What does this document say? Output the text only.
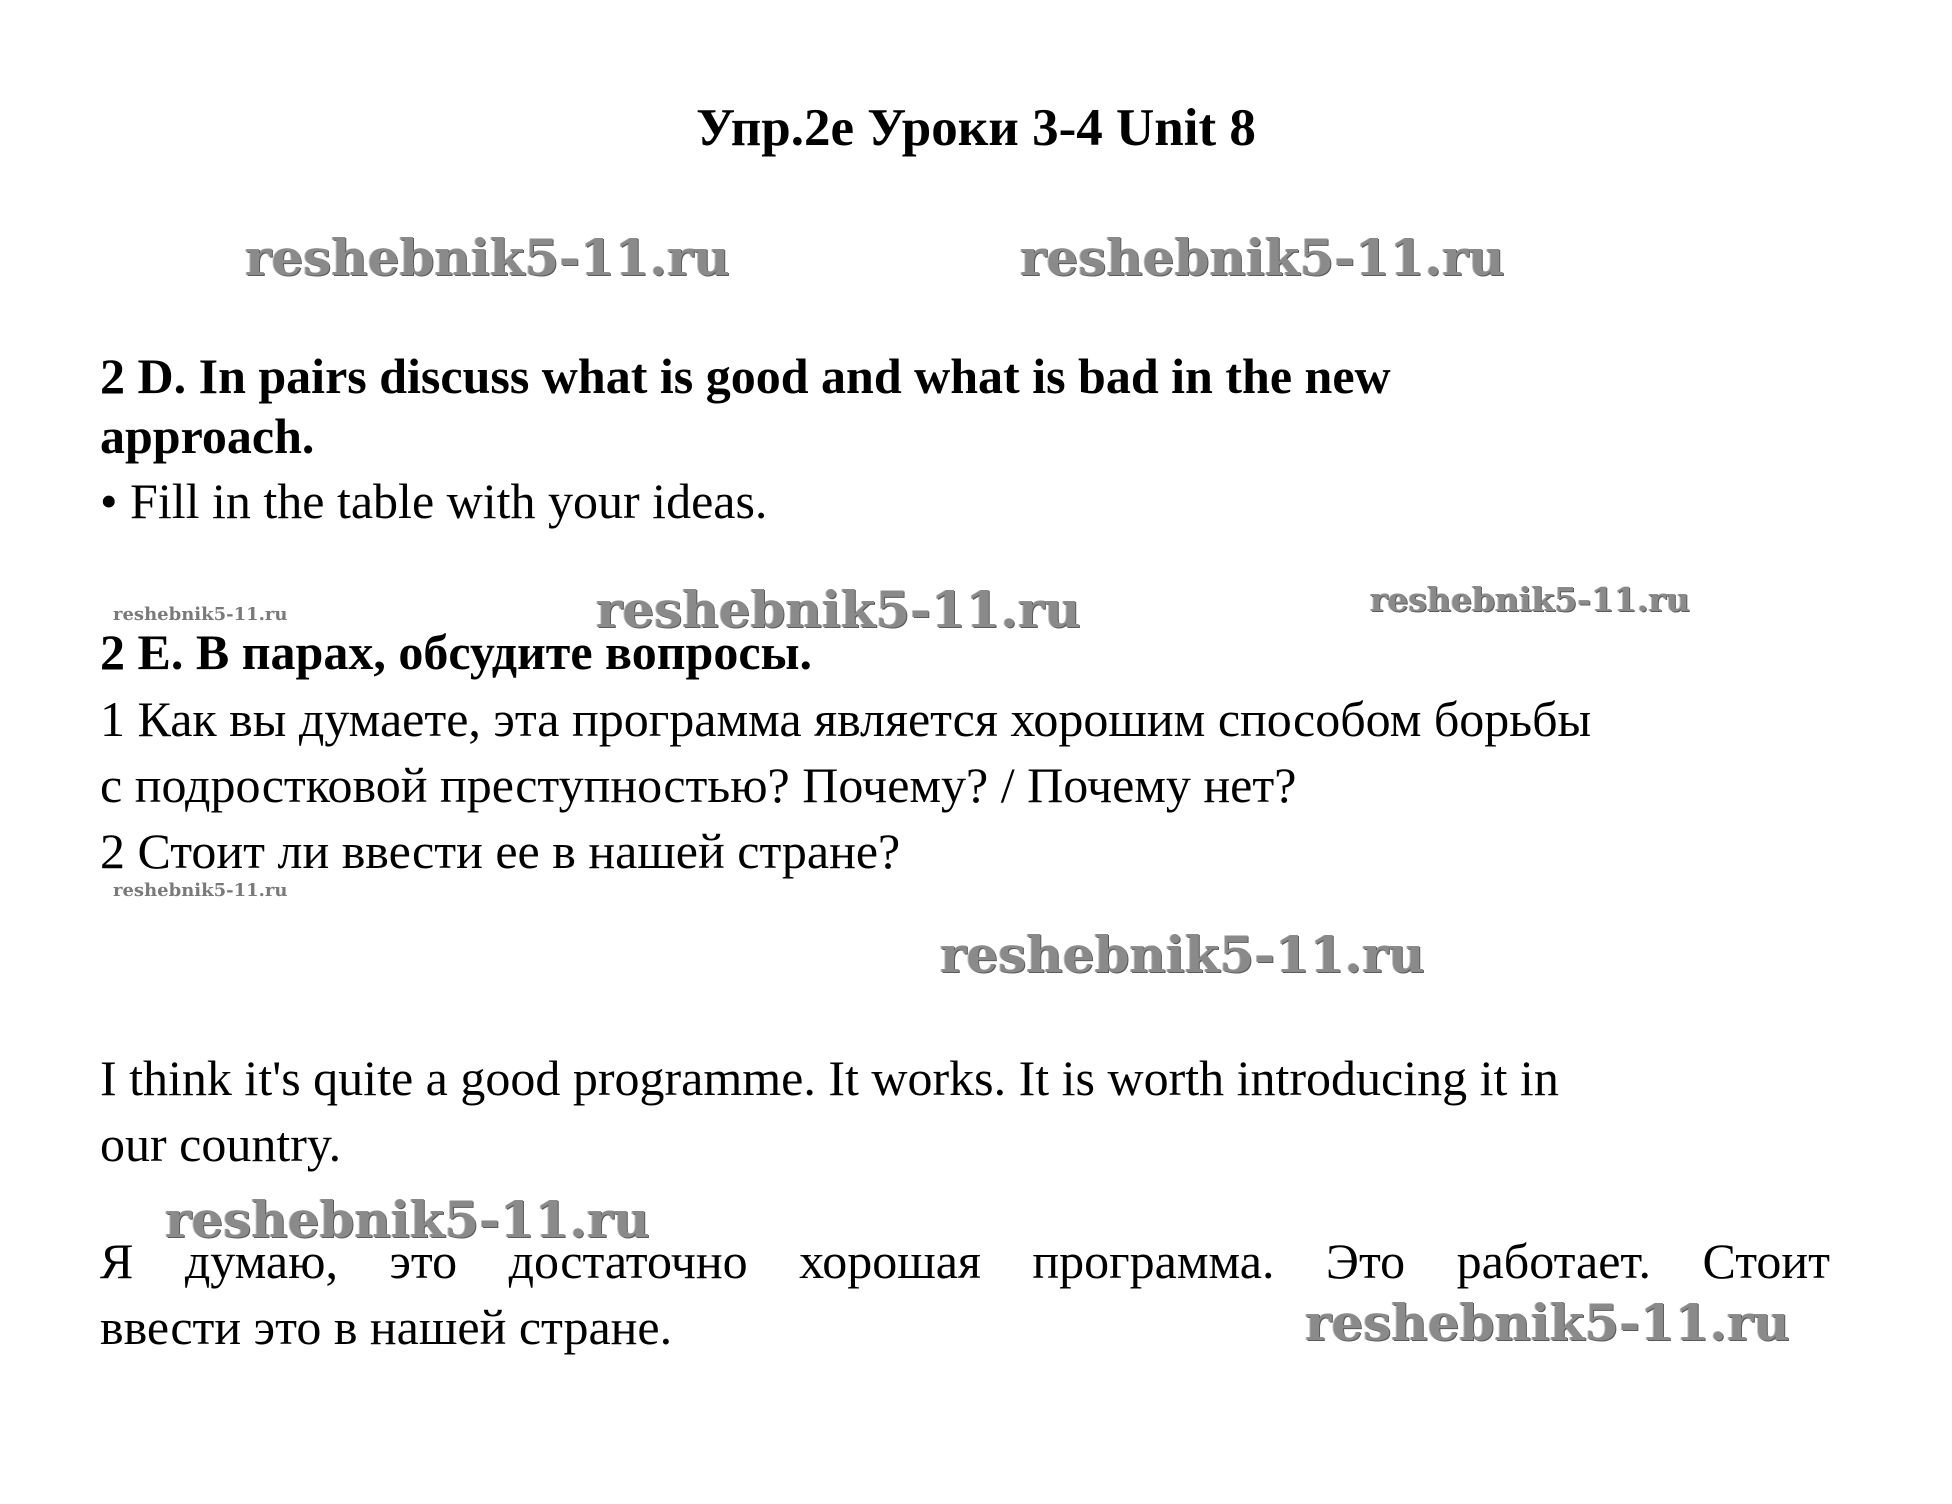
Упр.2е Уроки 3-4 Unit 8
reshebnik5-11.ru	reshebnik5-11.ru
2 D. In pairs discuss what is good and what is bad in the new
approach.
• Fill in the table with your ideas.
reshebnik5-11.ru	reshebnik5-11.ru	reshebnik5-11.ru
2 E. В парах, обсудите вопросы.
1 Как вы думаете, эта программа является хорошим способом борьбы
с подростковой преступностью? Почему? / Почему нет?
2 Стоит ли ввести ее в нашей стране?
reshebnik5-11.ru
reshebnik5-11.ru
I think it's quite a good programme. It works. It is worth introducing it in
our country.
reshebnik5-11.ru
Я думаю, это достаточно хорошая программа. Это работает. Стоит
ввести это в нашей стране.	reshebnik5-11.ru
